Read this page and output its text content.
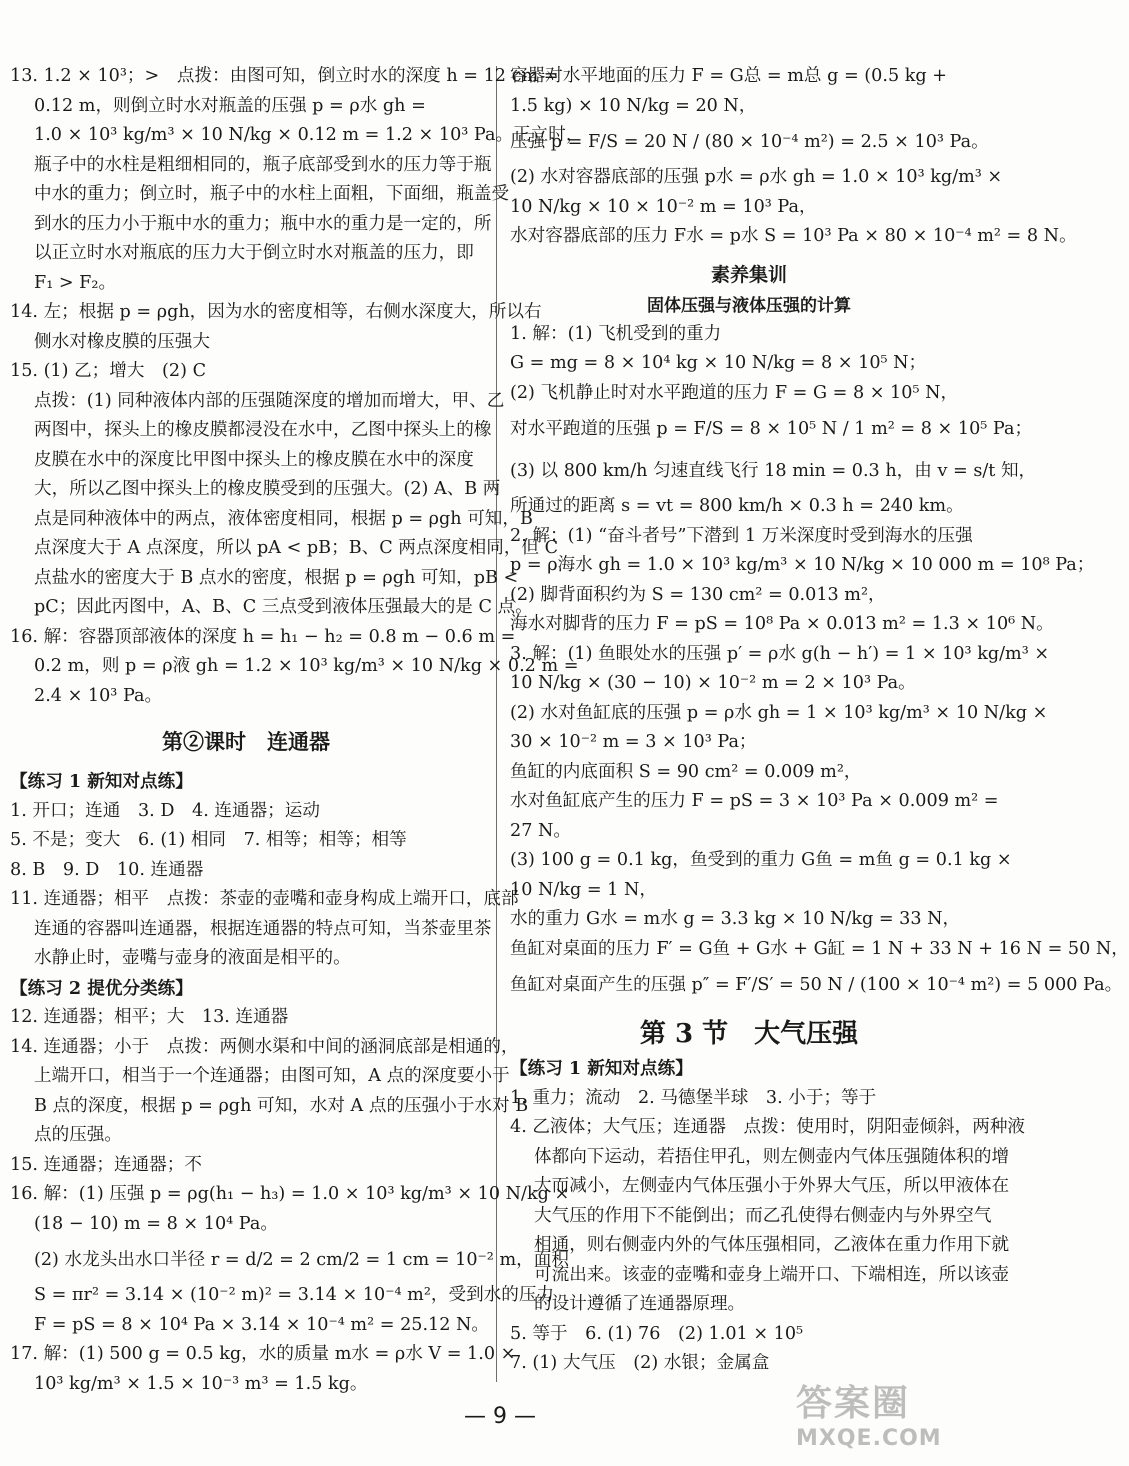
13. 1.2 × 10³；>　点拨：由图可知，倒立时水的深度 h = 12 cm =
0.12 m，则倒立时水对瓶盖的压强 p = ρ水 gh =
1.0 × 10³ kg/m³ × 10 N/kg × 0.12 m = 1.2 × 10³ Pa。正立时，
瓶子中的水柱是粗细相同的，瓶子底部受到水的压力等于瓶
中水的重力；倒立时，瓶子中的水柱上面粗，下面细，瓶盖受
到水的压力小于瓶中水的重力；瓶中水的重力是一定的，所
以正立时水对瓶底的压力大于倒立时水对瓶盖的压力，即
F₁ > F₂。
14. 左；根据 p = ρgh，因为水的密度相等，右侧水深度大，所以右
侧水对橡皮膜的压强大
15. (1) 乙；增大　(2) C
点拨：(1) 同种液体内部的压强随深度的增加而增大，甲、乙
两图中，探头上的橡皮膜都浸没在水中，乙图中探头上的橡
皮膜在水中的深度比甲图中探头上的橡皮膜在水中的深度
大，所以乙图中探头上的橡皮膜受到的压强大。(2) A、B 两
点是同种液体中的两点，液体密度相同，根据 p = ρgh 可知，B
点深度大于 A 点深度，所以 pA < pB；B、C 两点深度相同，但 C
点盐水的密度大于 B 点水的密度，根据 p = ρgh 可知，pB <
pC；因此丙图中，A、B、C 三点受到液体压强最大的是 C 点。
16. 解：容器顶部液体的深度 h = h₁ − h₂ = 0.8 m − 0.6 m =
0.2 m，则 p = ρ液 gh = 1.2 × 10³ kg/m³ × 10 N/kg × 0.2 m =
2.4 × 10³ Pa。
第②课时　连通器
【练习 1 新知对点练】
1. 开口；连通　3. D　4. 连通器；运动
5. 不是；变大　6. (1) 相同　7. 相等；相等；相等
8. B　9. D　10. 连通器
11. 连通器；相平　点拨：茶壶的壶嘴和壶身构成上端开口，底部
连通的容器叫连通器，根据连通器的特点可知，当茶壶里茶
水静止时，壶嘴与壶身的液面是相平的。
【练习 2 提优分类练】
12. 连通器；相平；大　13. 连通器
14. 连通器；小于　点拨：两侧水渠和中间的涵洞底部是相通的，
上端开口，相当于一个连通器；由图可知，A 点的深度要小于
B 点的深度，根据 p = ρgh 可知，水对 A 点的压强小于水对 B
点的压强。
15. 连通器；连通器；不
16. 解：(1) 压强 p = ρg(h₁ − h₃) = 1.0 × 10³ kg/m³ × 10 N/kg ×
(18 − 10) m = 8 × 10⁴ Pa。
(2) 水龙头出水口半径 r = d/2 = 2 cm/2 = 1 cm = 10⁻² m，面积
S = πr² = 3.14 × (10⁻² m)² = 3.14 × 10⁻⁴ m²，受到水的压力
F = pS = 8 × 10⁴ Pa × 3.14 × 10⁻⁴ m² = 25.12 N。
17. 解：(1) 500 g = 0.5 kg，水的质量 m水 = ρ水 V = 1.0 ×
10³ kg/m³ × 1.5 × 10⁻³ m³ = 1.5 kg。
容器对水平地面的压力 F = G总 = m总 g = (0.5 kg +
1.5 kg) × 10 N/kg = 20 N，
压强 p = F/S = 20 N / (80 × 10⁻⁴ m²) = 2.5 × 10³ Pa。
(2) 水对容器底部的压强 p水 = ρ水 gh = 1.0 × 10³ kg/m³ ×
10 N/kg × 10 × 10⁻² m = 10³ Pa，
水对容器底部的压力 F水 = p水 S = 10³ Pa × 80 × 10⁻⁴ m² = 8 N。
素养集训
固体压强与液体压强的计算
1. 解：(1) 飞机受到的重力
G = mg = 8 × 10⁴ kg × 10 N/kg = 8 × 10⁵ N；
(2) 飞机静止时对水平跑道的压力 F = G = 8 × 10⁵ N，
对水平跑道的压强 p = F/S = 8 × 10⁵ N / 1 m² = 8 × 10⁵ Pa；
(3) 以 800 km/h 匀速直线飞行 18 min = 0.3 h，由 v = s/t 知，
所通过的距离 s = vt = 800 km/h × 0.3 h = 240 km。
2. 解：(1) “奋斗者号”下潜到 1 万米深度时受到海水的压强
p = ρ海水 gh = 1.0 × 10³ kg/m³ × 10 N/kg × 10 000 m = 10⁸ Pa；
(2) 脚背面积约为 S = 130 cm² = 0.013 m²，
海水对脚背的压力 F = pS = 10⁸ Pa × 0.013 m² = 1.3 × 10⁶ N。
3. 解：(1) 鱼眼处水的压强 p′ = ρ水 g(h − h′) = 1 × 10³ kg/m³ ×
10 N/kg × (30 − 10) × 10⁻² m = 2 × 10³ Pa。
(2) 水对鱼缸底的压强 p = ρ水 gh = 1 × 10³ kg/m³ × 10 N/kg ×
30 × 10⁻² m = 3 × 10³ Pa；
鱼缸的内底面积 S = 90 cm² = 0.009 m²，
水对鱼缸底产生的压力 F = pS = 3 × 10³ Pa × 0.009 m² =
27 N。
(3) 100 g = 0.1 kg，鱼受到的重力 G鱼 = m鱼 g = 0.1 kg ×
10 N/kg = 1 N，
水的重力 G水 = m水 g = 3.3 kg × 10 N/kg = 33 N，
鱼缸对桌面的压力 F′ = G鱼 + G水 + G缸 = 1 N + 33 N + 16 N = 50 N，
鱼缸对桌面产生的压强 p″ = F′/S′ = 50 N / (100 × 10⁻⁴ m²) = 5 000 Pa。
第 3 节　大气压强
【练习 1 新知对点练】
1. 重力；流动　2. 马德堡半球　3. 小于；等于
4. 乙液体；大气压；连通器　点拨：使用时，阴阳壶倾斜，两种液
体都向下运动，若捂住甲孔，则左侧壶内气体压强随体积的增
大而减小，左侧壶内气体压强小于外界大气压，所以甲液体在
大气压的作用下不能倒出；而乙孔使得右侧壶内与外界空气
相通，则右侧壶内外的气体压强相同，乙液体在重力作用下就
可流出来。该壶的壶嘴和壶身上端开口、下端相连，所以该壶
的设计遵循了连通器原理。
5. 等于　6. (1) 76　(2) 1.01 × 10⁵
7. (1) 大气压　(2) 水银；金属盒
— 9 —	答案圈
MXQE.COM
